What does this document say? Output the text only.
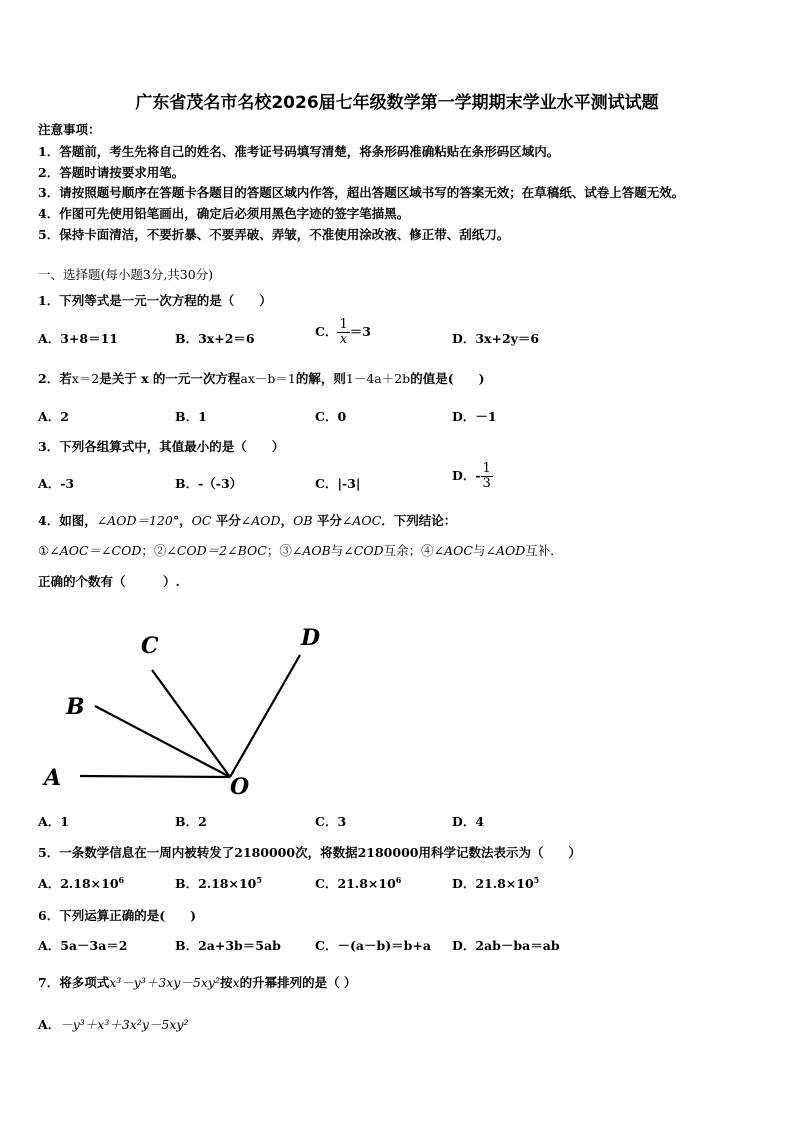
广东省茂名市名校2026届七年级数学第一学期期末学业水平测试试题
注意事项：
1．答题前，考生先将自己的姓名、准考证号码填写清楚，将条形码准确粘贴在条形码区域内。
2．答题时请按要求用笔。
3．请按照题号顺序在答题卡各题目的答题区域内作答，超出答题区域书写的答案无效；在草稿纸、试卷上答题无效。
4．作图可先使用铅笔画出，确定后必须用黑色字迹的签字笔描黑。
5．保持卡面清洁，不要折暴、不要弄破、弄皱，不准使用涂改液、修正带、刮纸刀。
一、选择题(每小题3分,共30分)
1．下列等式是一元一次方程的是（　　）
A．3+8＝11	B．3x+2＝6	C． $\frac{1}{x} =3$	D．3x+2y＝6
2．若x＝2是关于 x 的一元一次方程ax－b＝1的解，则1－4a＋2b的值是(　　)
A．2	B．1	C．0	D．－1
3．下列各组算式中，其值最小的是（　　）
A．-3	B．-（-3）	C．|-3|
D．- $\frac{1}{3}$
4．如图，∠AOD＝120°，OC 平分∠AOD，OB 平分∠AOC．下列结论：
①∠AOC＝∠COD；②∠COD＝2∠BOC；③∠AOB与∠COD互余；④∠AOC与∠AOD互补．
正确的个数有（　　　）.
A
B
C	D
O
A．1	B．2	C．3	D．4
5．一条数学信息在一周内被转发了2180000次，将数据2180000用科学记数法表示为（　　）
A．$2.18\times 10^6$	B．$2.18\times 10^5$	C．$21.8\times 10^6$	D．$21.8\times 10^5$
6．下列运算正确的是(　　)
A．5a－3a＝2	B．2a+3b＝5ab	C．－(a－b)＝b+a D．2ab－ba＝ab
7．将多项式x³－y³＋3xy－5xy²按x的升幂排列的是（ ）
A．－y³＋x³＋3x²y－5xy²
